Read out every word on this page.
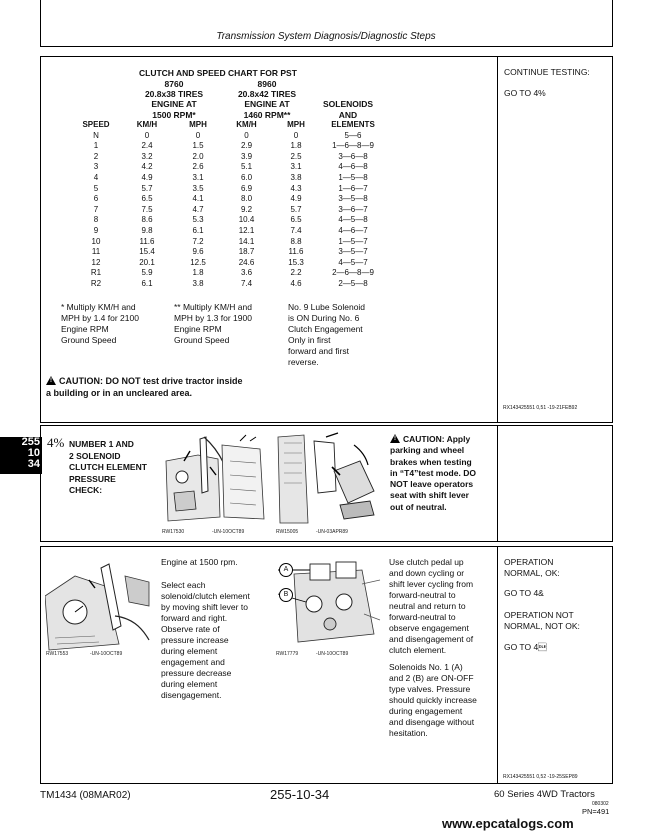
Transmission System Diagnosis/Diagnostic Steps
CLUTCH AND SPEED CHART FOR PST
8760	8960
20.8x38 TIRES	20.8x42 TIRES
ENGINE AT	ENGINE AT	SOLENOIDS
1500 RPM*	1460 RPM**	AND
SPEED	KM/H	MPH	KM/H	MPH	ELEMENTS
N	0	0	0	0	5—6
1	2.4	1.5	2.9	1.8	1—6—8—9
2	3.2	2.0	3.9	2.5	3—6—8
3	4.2	2.6	5.1	3.1	4—6—8
4	4.9	3.1	6.0	3.8	1—5—8
5	5.7	3.5	6.9	4.3	1—6—7
6	6.5	4.1	8.0	4.9	3—5—8
7	7.5	4.7	9.2	5.7	3—6—7
8	8.6	5.3	10.4	6.5	4—5—8
9	9.8	6.1	12.1	7.4	4—6—7
10	11.6	7.2	14.1	8.8	1—5—7
11	15.4	9.6	18.7	11.6	3—5—7
12	20.1	12.5	24.6	15.3	4—5—7
R1	5.9	1.8	3.6	2.2	2—6—8—9
R2	6.1	3.8	7.4	4.6	2—5—8
* Multiply KM/H and
MPH by 1.4 for 2100
Engine RPM
Ground Speed
** Multiply KM/H and
MPH by 1.3 for 1900
Engine RPM
Ground Speed
No. 9 Lube Solenoid
is ON During No. 6
Clutch Engagement
Only in first
forward and first
reverse.
! CAUTION: DO NOT test drive tractor inside
a building or in an uncleared area.
RX143425551 0,51 -19-21FEB92
CONTINUE TESTING:
GO TO 4%
255
10
34
4% NUMBER 1 AND
2 SOLENOID
CLUTCH ELEMENT
PRESSURE
CHECK:
RW17530	-UN-10OCT89	RW15005	-UN-03APR89
! CAUTION: Apply
parking and wheel
brakes when testing
in “T4”test mode. DO
NOT leave operators
seat with shift lever
out of neutral.
RW17553	-UN-10OCT89
Engine at 1500 rpm.
Select each
solenoid/clutch element
by moving shift lever to
forward and right.
Observe rate of
pressure increase
during element
engagement and
pressure decrease
during element
disengagement.
A
B
RW17779	-UN-10OCT89
Use clutch pedal up
and down cycling or
shift lever cycling from
forward-neutral to
neutral and return to
forward-neutral to
observe engagement
and disengagement of
clutch element.
Solenoids No. 1 (A)
and 2 (B) are ON-OFF
type valves. Pressure
should quickly increase
during engagement
and disengage without
hesitation.
OPERATION
NORMAL, OK:
GO TO 4&
OPERATION NOT
NORMAL, NOT OK:
GO TO 4
RX143425551 0,52 -19-25SEP89
TM1434 (08MAR02)	255-10-34	60 Series 4WD Tractors
080302
PN=491
www.epcatalogs.com
